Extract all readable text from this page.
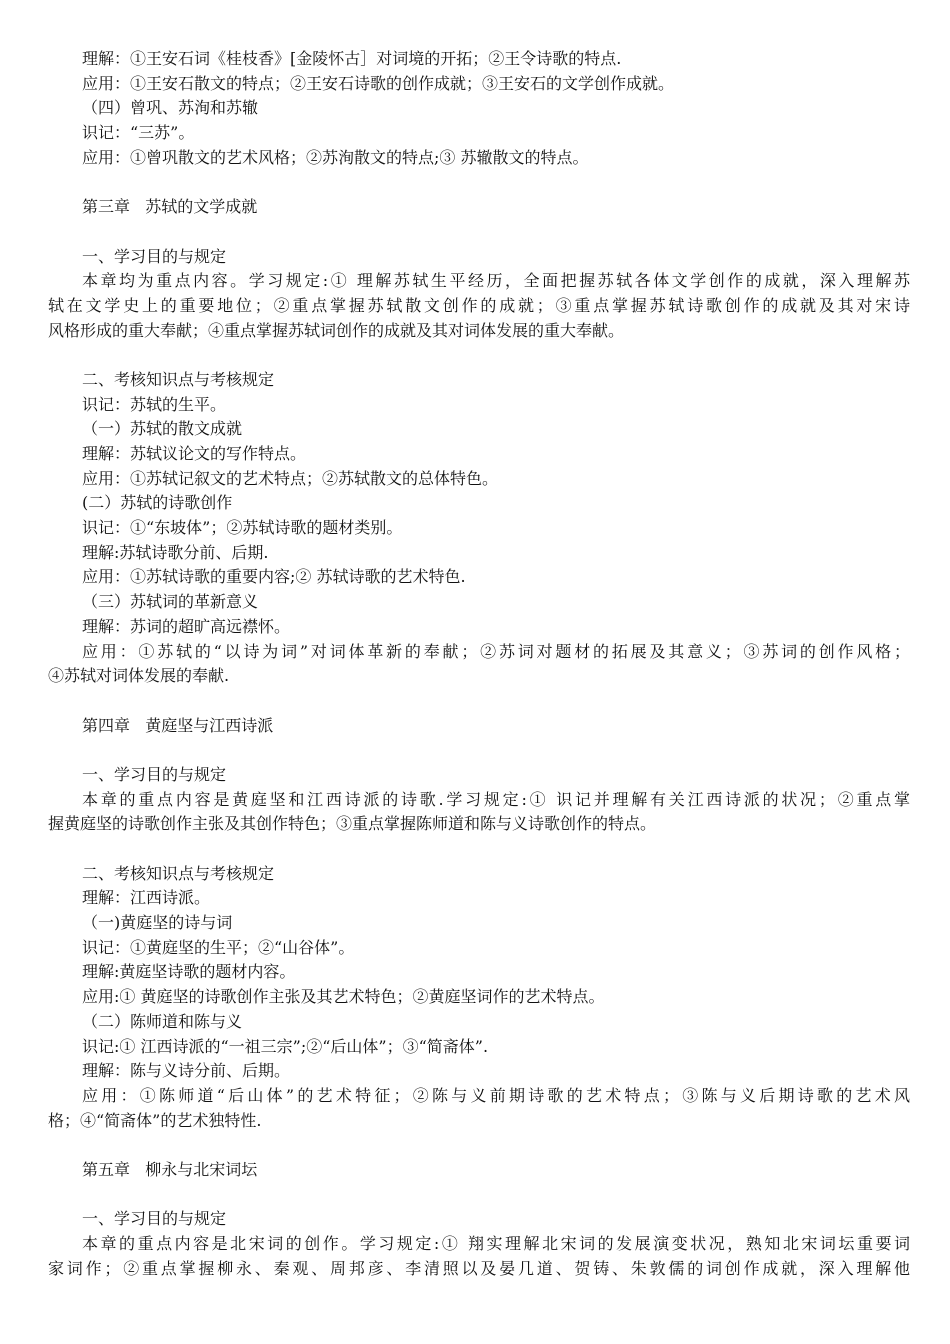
理解：①王安石词《桂枝香》[金陵怀古］对词境的开拓；②王令诗歌的特点.
应用：①王安石散文的特点；②王安石诗歌的创作成就；③王安石的文学创作成就。
（四）曾巩、苏洵和苏辙
识记：“三苏”。
应用：①曾巩散文的艺术风格；②苏洵散文的特点;③ 苏辙散文的特点。
第三章   苏轼的文学成就
一、学习目的与规定
本章均为重点内容。学习规定:① 理解苏轼生平经历，全面把握苏轼各体文学创作的成就，深入理解苏
轼在文学史上的重要地位；②重点掌握苏轼散文创作的成就；③重点掌握苏轼诗歌创作的成就及其对宋诗
风格形成的重大奉献；④重点掌握苏轼词创作的成就及其对词体发展的重大奉献。
二、考核知识点与考核规定
识记：苏轼的生平。
（一）苏轼的散文成就
理解：苏轼议论文的写作特点。
应用：①苏轼记叙文的艺术特点；②苏轼散文的总体特色。
(二）苏轼的诗歌创作
识记：①“东坡体”；②苏轼诗歌的题材类别。
理解:苏轼诗歌分前、后期.
应用：①苏轼诗歌的重要内容;② 苏轼诗歌的艺术特色.
（三）苏轼词的革新意义
理解：苏词的超旷高远襟怀。
应用：①苏轼的“以诗为词”对词体革新的奉献；②苏词对题材的拓展及其意义；③苏词的创作风格；
④苏轼对词体发展的奉献.
第四章   黄庭坚与江西诗派
一、学习目的与规定
本章的重点内容是黄庭坚和江西诗派的诗歌.学习规定:① 识记并理解有关江西诗派的状况；②重点掌
握黄庭坚的诗歌创作主张及其创作特色；③重点掌握陈师道和陈与义诗歌创作的特点。
二、考核知识点与考核规定
理解：江西诗派。
（一)黄庭坚的诗与词
识记：①黄庭坚的生平；②“山谷体”。
理解:黄庭坚诗歌的题材内容。
应用:① 黄庭坚的诗歌创作主张及其艺术特色；②黄庭坚词作的艺术特点。
（二）陈师道和陈与义
识记:① 江西诗派的“一祖三宗”;②“后山体”；③“简斋体”.
理解：陈与义诗分前、后期。
应用：①陈师道“后山体”的艺术特征；②陈与义前期诗歌的艺术特点；③陈与义后期诗歌的艺术风
格；④“简斋体”的艺术独特性.
第五章   柳永与北宋词坛
一、学习目的与规定
本章的重点内容是北宋词的创作。学习规定:① 翔实理解北宋词的发展演变状况，熟知北宋词坛重要词
家词作；②重点掌握柳永、秦观、周邦彦、李清照以及晏几道、贺铸、朱敦儒的词创作成就，深入理解他
